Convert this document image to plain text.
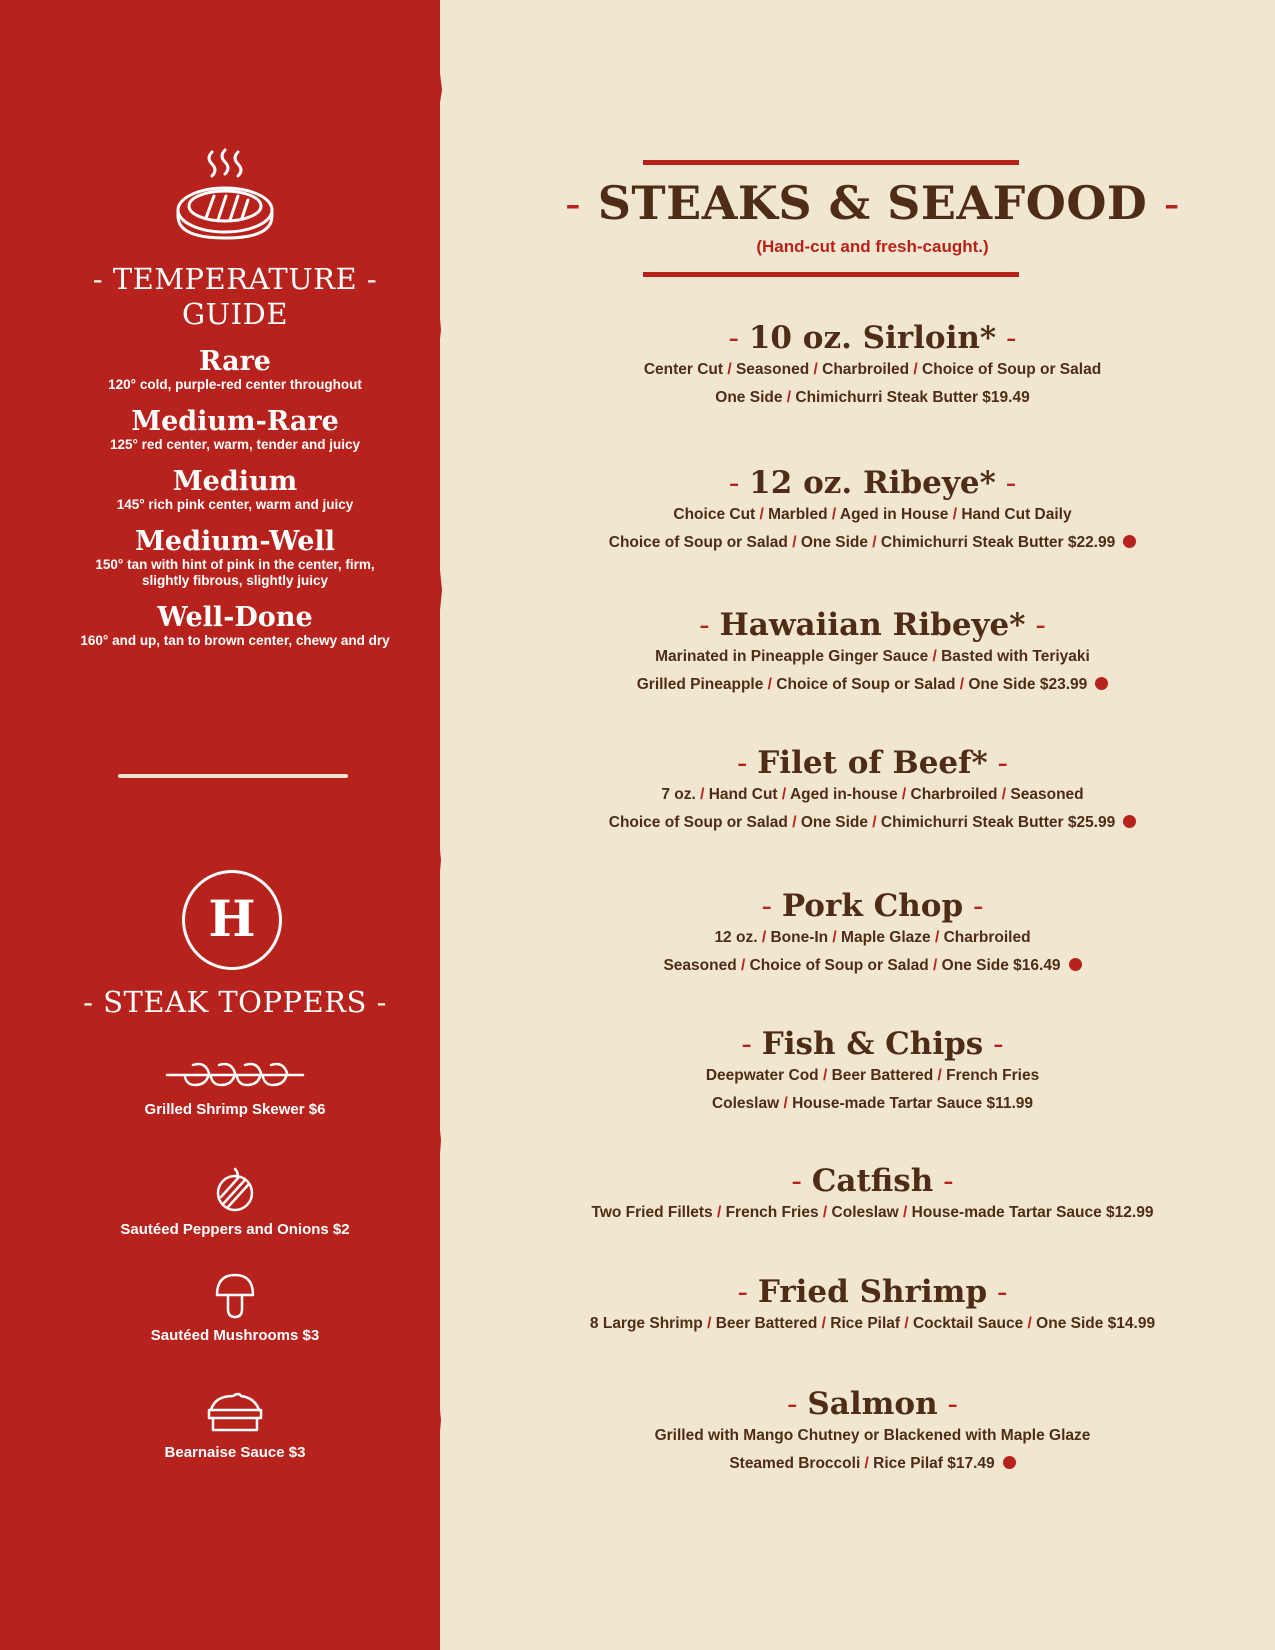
- TEMPERATURE -
GUIDE
Rare
120° cold, purple-red center throughout
Medium-Rare
125° red center, warm, tender and juicy
Medium
145° rich pink center, warm and juicy
Medium-Well
150° tan with hint of pink in the center, firm, slightly fibrous, slightly juicy
Well-Done
160° and up, tan to brown center, chewy and dry
H
- STEAK TOPPERS -
Grilled Shrimp Skewer $6
Sautéed Peppers and Onions $2
Sautéed Mushrooms $3
Bearnaise Sauce $3
- STEAKS & SEAFOOD -
(Hand-cut and fresh-caught.)
- 10 oz. Sirloin* -
Center Cut / Seasoned / Charbroiled / Choice of Soup or Salad
One Side / Chimichurri Steak Butter $19.49
- 12 oz. Ribeye* -
Choice Cut / Marbled / Aged in House / Hand Cut Daily
Choice of Soup or Salad / One Side / Chimichurri Steak Butter $22.99
- Hawaiian Ribeye* -
Marinated in Pineapple Ginger Sauce / Basted with Teriyaki
Grilled Pineapple / Choice of Soup or Salad / One Side $23.99
- Filet of Beef* -
7 oz. / Hand Cut / Aged in-house / Charbroiled / Seasoned
Choice of Soup or Salad / One Side / Chimichurri Steak Butter $25.99
- Pork Chop -
12 oz. / Bone-In / Maple Glaze / Charbroiled
Seasoned / Choice of Soup or Salad / One Side $16.49
- Fish & Chips -
Deepwater Cod / Beer Battered / French Fries
Coleslaw / House-made Tartar Sauce $11.99
- Catfish -
Two Fried Fillets / French Fries / Coleslaw / House-made Tartar Sauce $12.99
- Fried Shrimp -
8 Large Shrimp / Beer Battered / Rice Pilaf / Cocktail Sauce / One Side $14.99
- Salmon -
Grilled with Mango Chutney or Blackened with Maple Glaze
Steamed Broccoli / Rice Pilaf $17.49
